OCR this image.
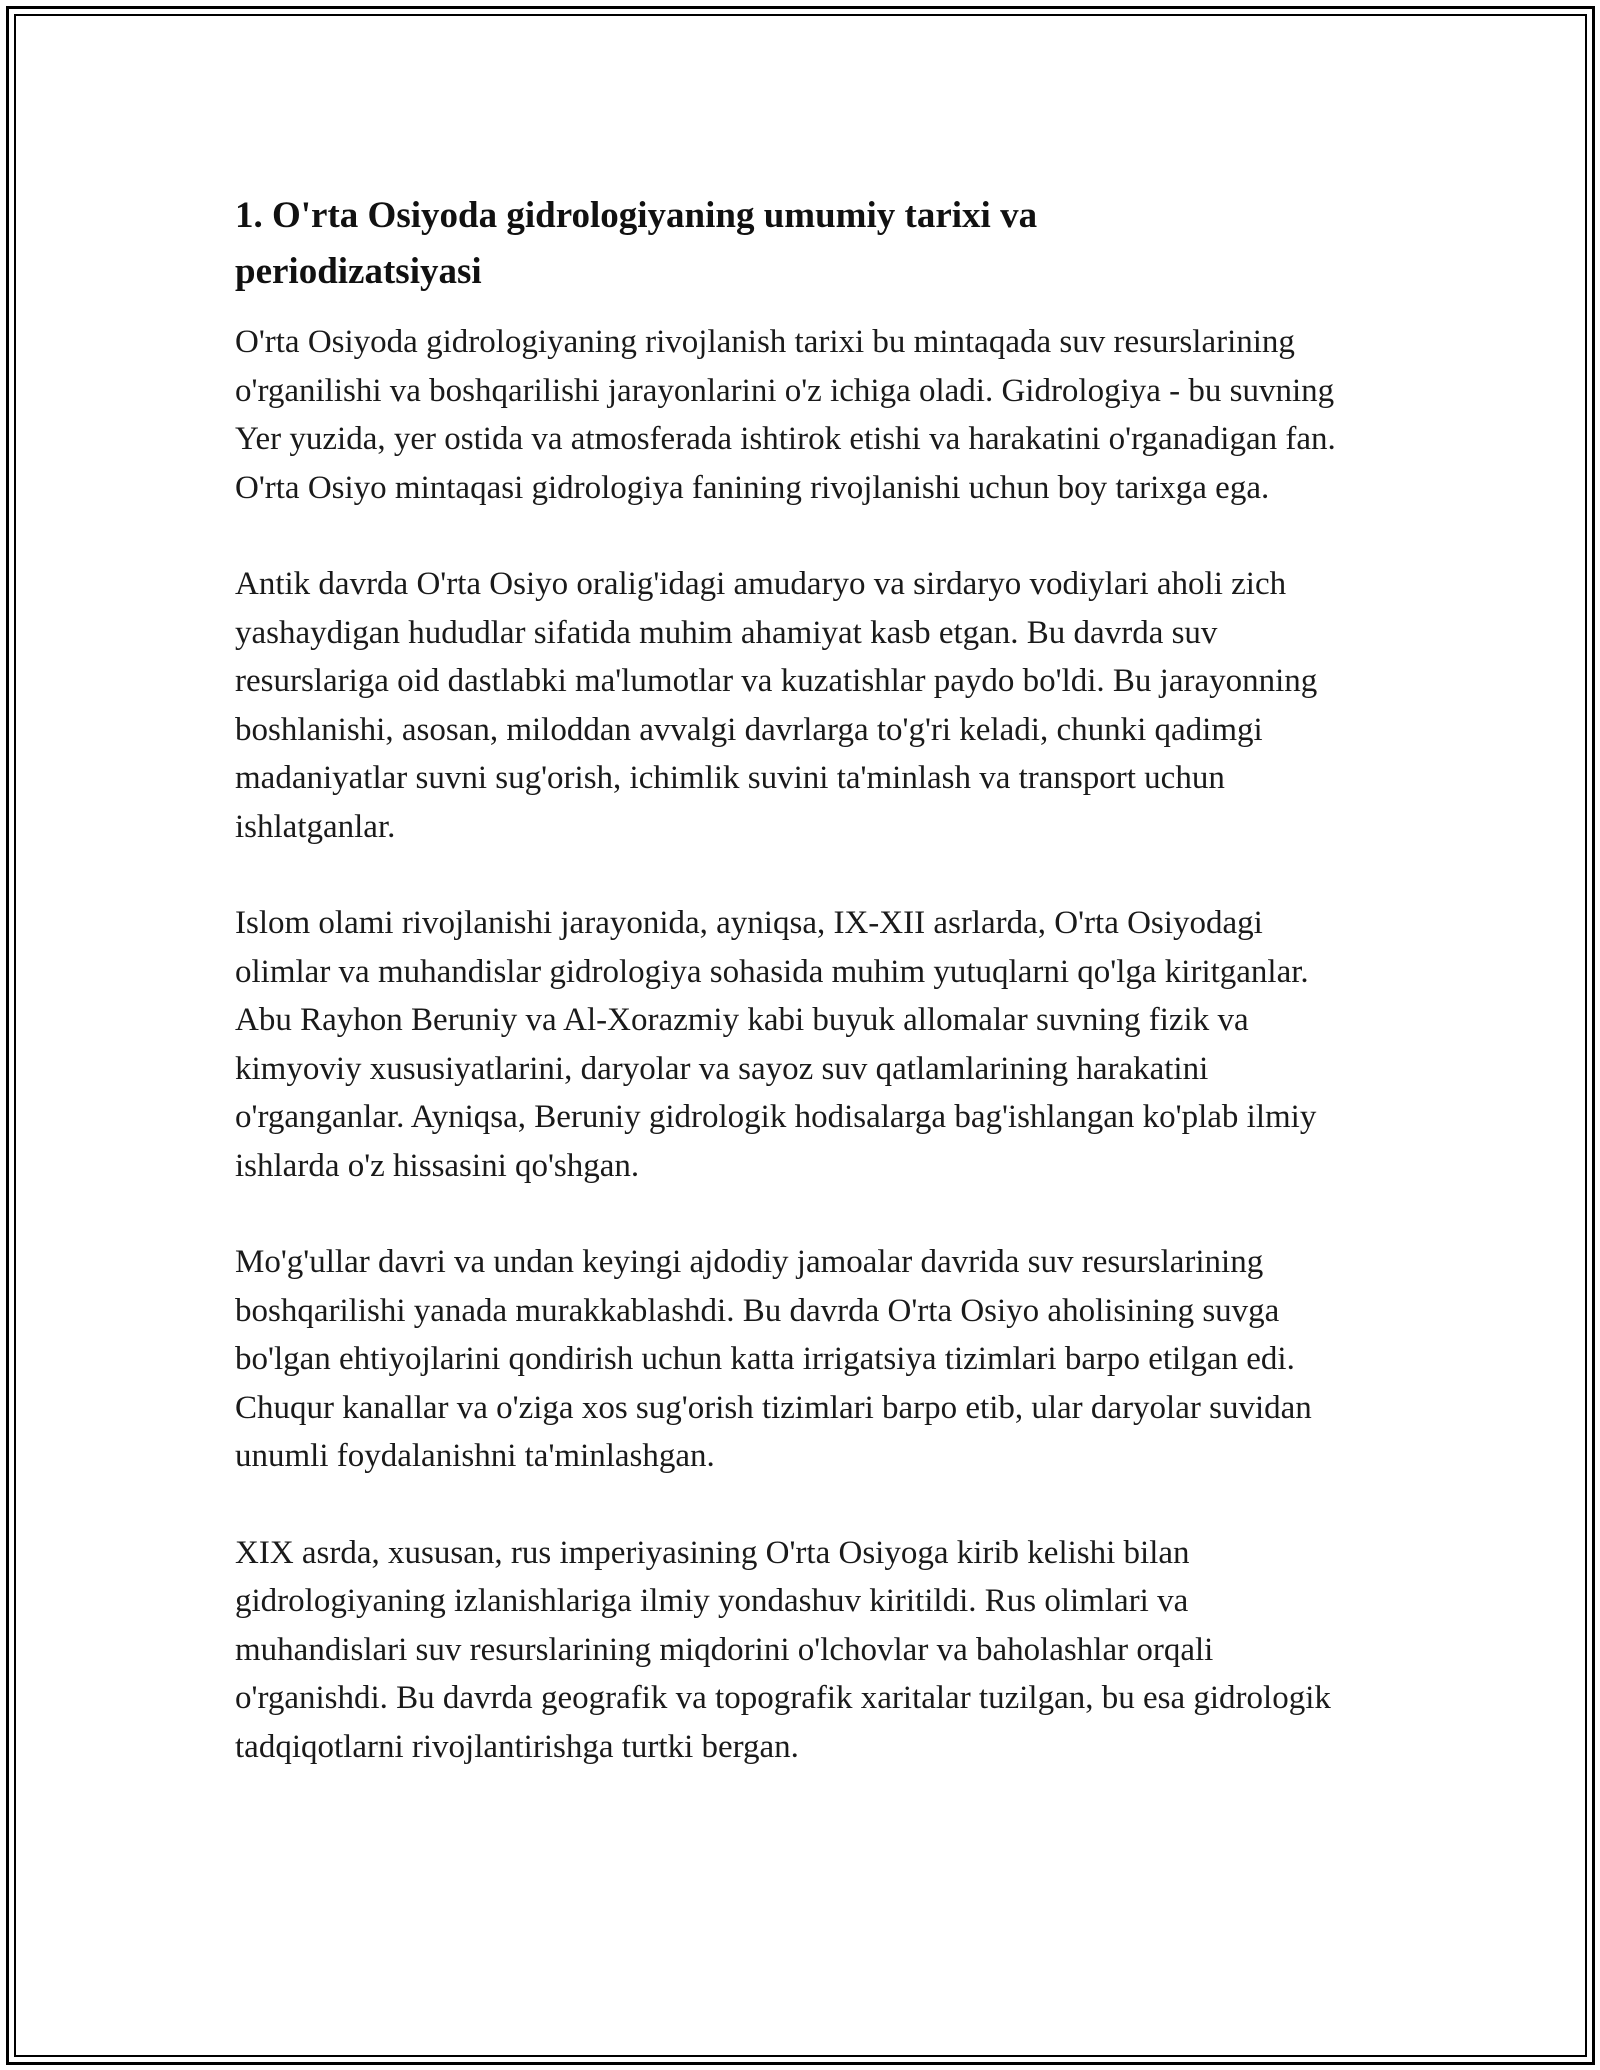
1. O'rta Osiyoda gidrologiyaning umumiy tarixi va
periodizatsiyasi

O'rta Osiyoda gidrologiyaning rivojlanish tarixi bu mintaqada suv resurslarining o'rganilishi va boshqarilishi jarayonlarini o'z ichiga oladi. Gidrologiya - bu suvning Yer yuzida, yer ostida va atmosferada ishtirok etishi va harakatini o'rganadigan fan. O'rta Osiyo mintaqasi gidrologiya fanining rivojlanishi uchun boy tarixga ega.

Antik davrda O'rta Osiyo oralig'idagi amudaryo va sirdaryo vodiylari aholi zich yashaydigan hududlar sifatida muhim ahamiyat kasb etgan. Bu davrda suv resurslariga oid dastlabki ma'lumotlar va kuzatishlar paydo bo'ldi. Bu jarayonning boshlanishi, asosan, miloddan avvalgi davrlarga to'g'ri keladi, chunki qadimgi madaniyatlar suvni sug'orish, ichimlik suvini ta'minlash va transport uchun ishlatganlar.

Islom olami rivojlanishi jarayonida, ayniqsa, IX-XII asrlarda, O'rta Osiyodagi olimlar va muhandislar gidrologiya sohasida muhim yutuqlarni qo'lga kiritganlar. Abu Rayhon Beruniy va Al-Xorazmiy kabi buyuk allomalar suvning fizik va kimyoviy xususiyatlarini, daryolar va sayoz suv qatlamlarining harakatini o'rganganlar. Ayniqsa, Beruniy gidrologik hodisalarga bag'ishlangan ko'plab ilmiy ishlarda o'z hissasini qo'shgan.

Mo'g'ullar davri va undan keyingi ajdodiy jamoalar davrida suv resurslarining boshqarilishi yanada murakkablashdi. Bu davrda O'rta Osiyo aholisining suvga bo'lgan ehtiyojlarini qondirish uchun katta irrigatsiya tizimlari barpo etilgan edi. Chuqur kanallar va o'ziga xos sug'orish tizimlari barpo etib, ular daryolar suvidan unumli foydalanishni ta'minlashgan.

XIX asrda, xususan, rus imperiyasining O'rta Osiyoga kirib kelishi bilan gidrologiyaning izlanishlariga ilmiy yondashuv kiritildi. Rus olimlari va muhandislari suv resurslarining miqdorini o'lchovlar va baholashlar orqali o'rganishdi. Bu davrda geografik va topografik xaritalar tuzilgan, bu esa gidrologik tadqiqotlarni rivojlantirishga turtki bergan.
